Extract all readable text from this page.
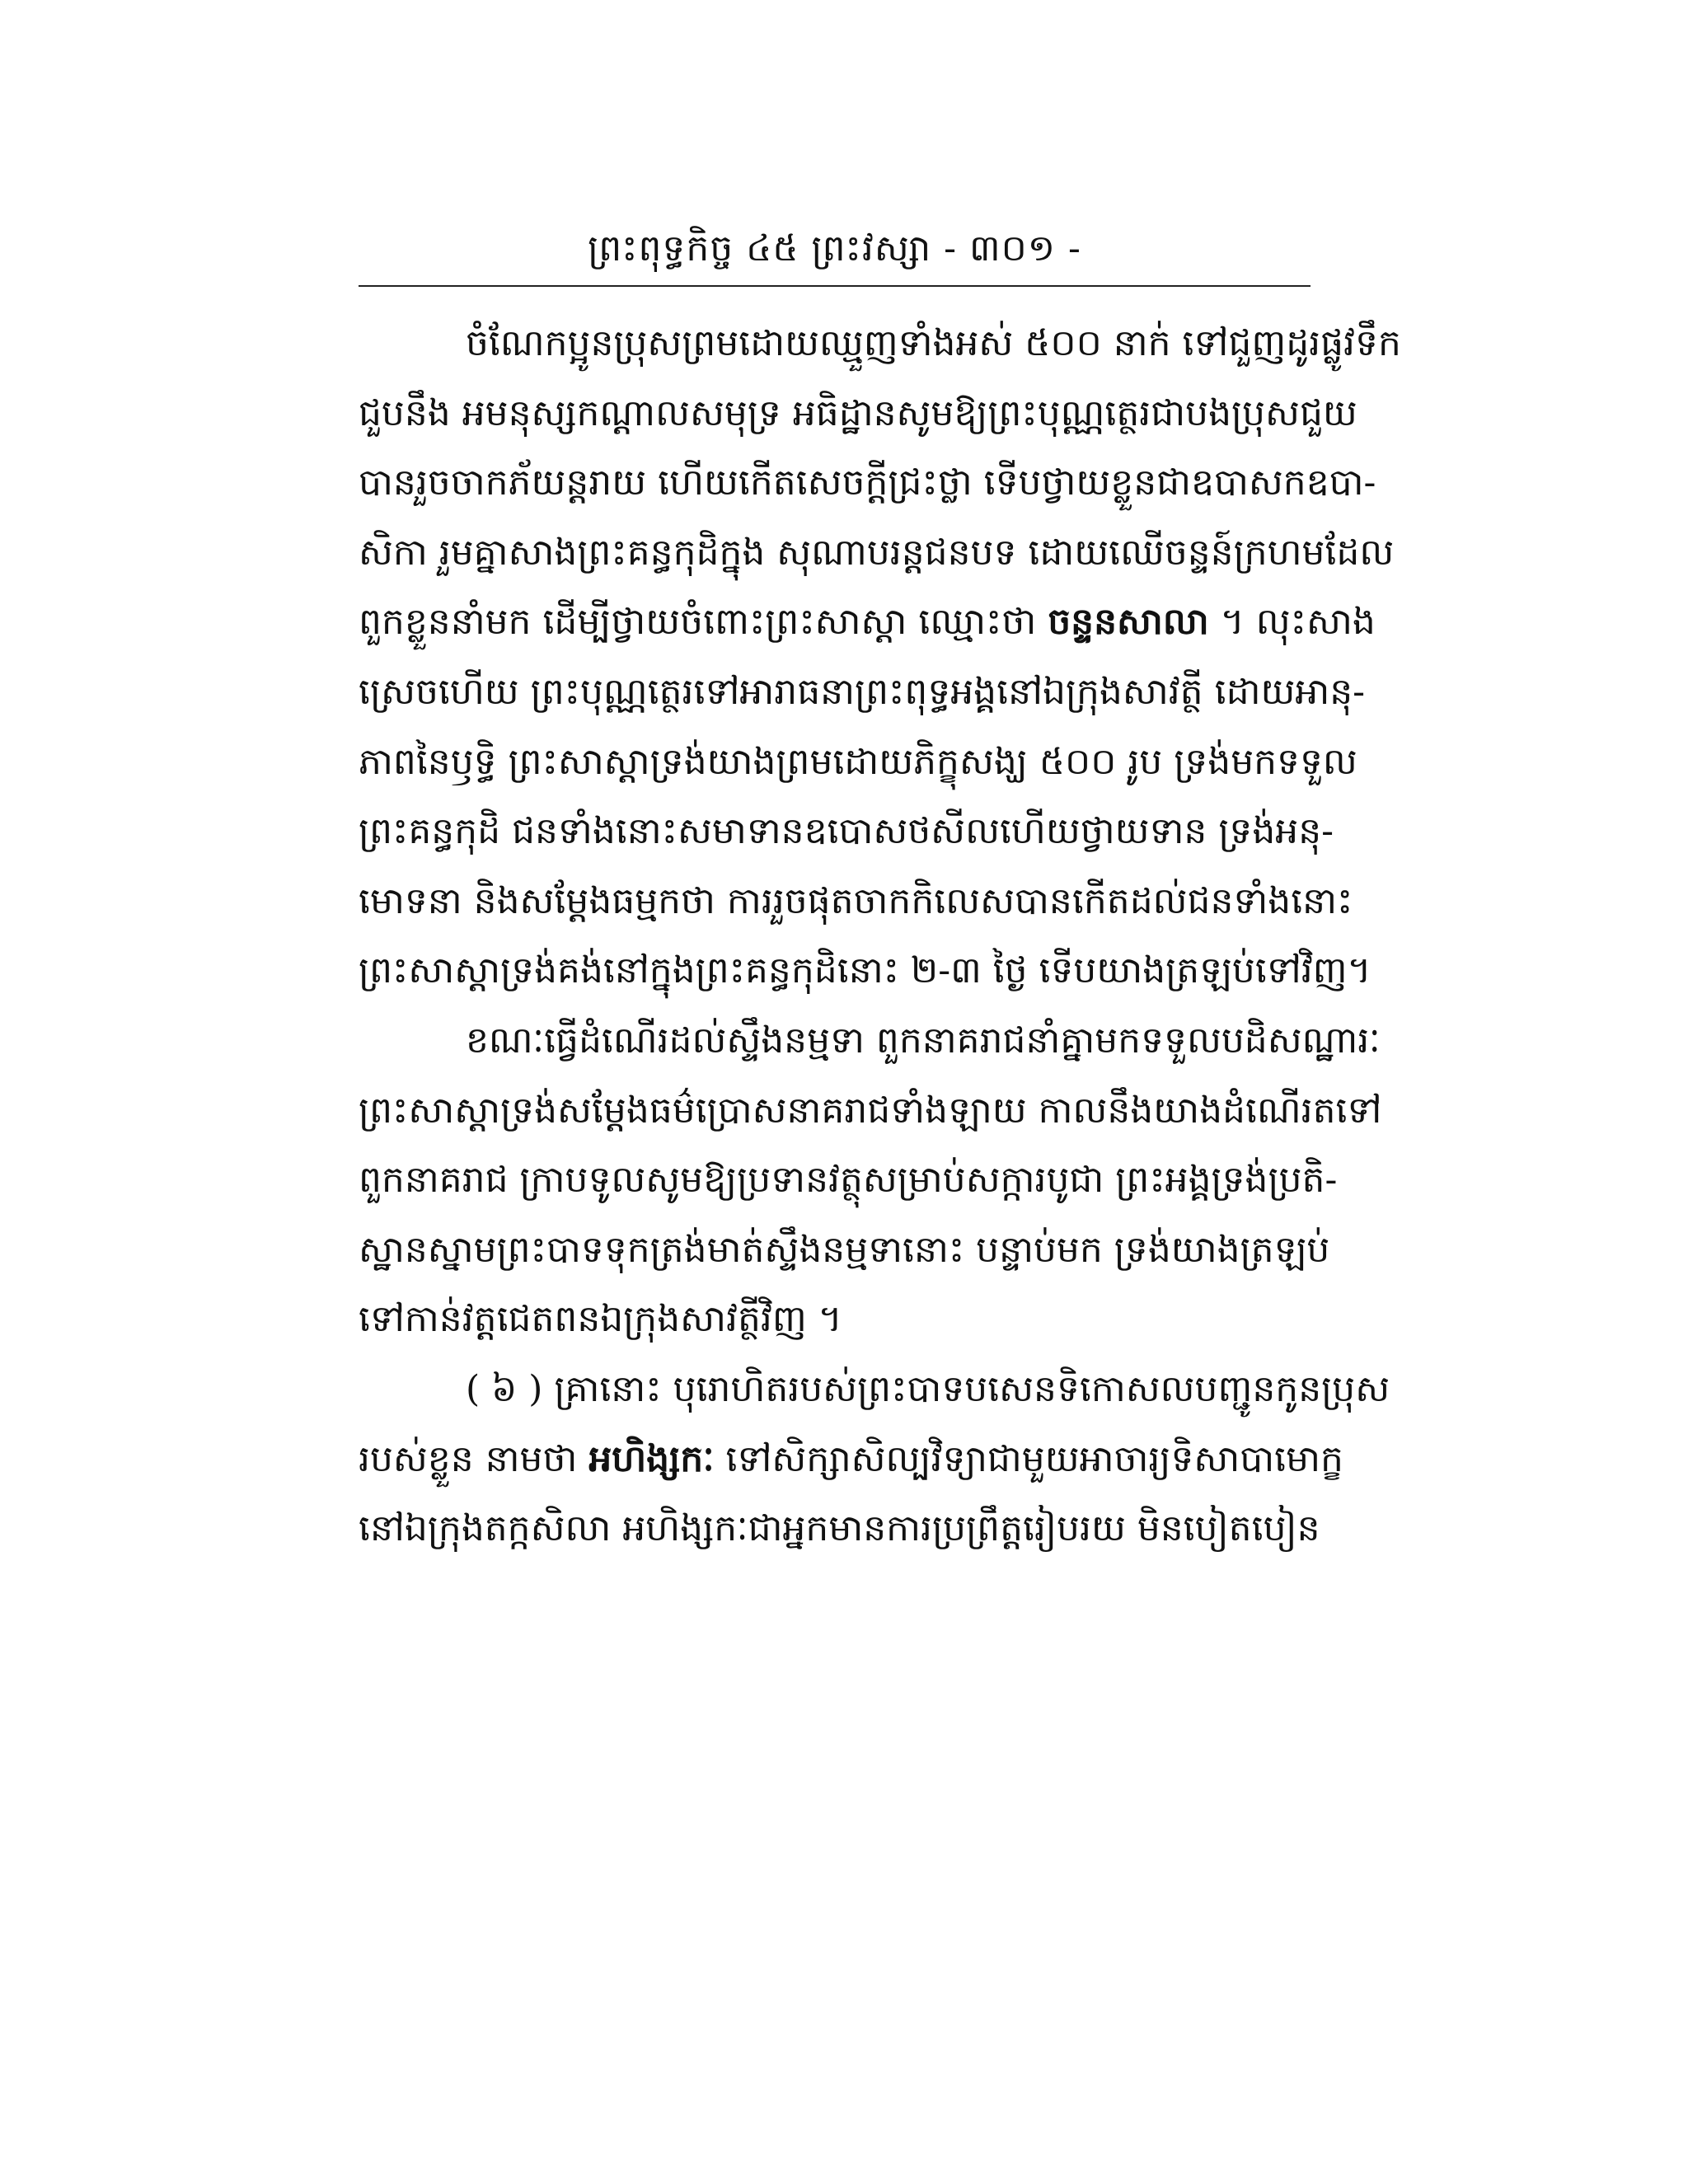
ព្រះពុទ្ធកិច្ច ៤៥ ព្រះវស្សា - ៣០១ -
ចំណែកប្អូនប្រុសព្រមដោយឈ្មួញទាំងអស់ ៥០០ នាក់ ទៅជួញដូរផ្លូវទឹក
ជួបនឹង អមនុស្សកណ្ដាលសមុទ្រ អធិដ្ឋានសូមឱ្យព្រះបុណ្ណត្ថេរជាបងប្រុសជួយ
បានរួចចាកភ័យន្តរាយ ហើយកើតសេចក្ដីជ្រះថ្លា ទើបថ្វាយខ្លួនជាឧបាសកឧបា-
សិកា រួមគ្នាសាងព្រះគន្ធកុដិក្នុង សុណាបរន្តជនបទ ដោយឈើចន្ទន៍ក្រហមដែល
ពួកខ្លួននាំមក ដើម្បីថ្វាយចំពោះព្រះសាស្ដា ឈ្មោះថា ចន្ទនសាលា ។ លុះសាង
ស្រេចហើយ ព្រះបុណ្ណត្ថេរទៅអារាធនាព្រះពុទ្ធអង្គនៅឯក្រុងសាវត្ថី ដោយអានុ-
ភាពនៃឫទ្ធិ ព្រះសាស្ដាទ្រង់យាងព្រមដោយភិក្ខុសង្ឃ ៥០០ រូប ទ្រង់មកទទួល
ព្រះគន្ធកុដិ ជនទាំងនោះសមាទានឧបោសថសីលហើយថ្វាយទាន ទ្រង់អនុ-
មោទនា និងសម្ដែងធម្មកថា ការរួចផុតចាកកិលេសបានកើតដល់ជនទាំងនោះ
ព្រះសាស្ដាទ្រង់គង់នៅក្នុងព្រះគន្ធកុដិនោះ ២-៣ ថ្ងៃ ទើបយាងត្រឡប់ទៅវិញ។
ខណៈធ្វើដំណើរដល់ស្ទឹងនម្មទា ពួកនាគរាជនាំគ្នាមកទទួលបដិសណ្ឋារៈ
ព្រះសាស្ដាទ្រង់សម្ដែងធម៌ប្រោសនាគរាជទាំងឡាយ កាលនឹងយាងដំណើរតទៅ
ពួកនាគរាជ ក្រាបទូលសូមឱ្យប្រទានវត្ថុសម្រាប់សក្ការបូជា ព្រះអង្គទ្រង់ប្រតិ-
ស្ឋានស្នាមព្រះបាទទុកត្រង់មាត់ស្ទឹងនម្មទានោះ បន្ទាប់មក ទ្រង់យាងត្រឡប់
ទៅកាន់វត្តជេតពនឯក្រុងសាវត្ថីវិញ ។
( ៦ ) គ្រានោះ បុរោហិតរបស់ព្រះបាទបសេនទិកោសលបញ្ជូនកូនប្រុស
របស់ខ្លួន នាមថា អហិង្សកៈ ទៅសិក្សាសិល្បវិទ្យាជាមួយអាចារ្យទិសាបាមោក្ខ
នៅឯក្រុងតក្កសិលា អហិង្សកៈជាអ្នកមានការប្រព្រឹត្តរៀបរយ មិនបៀតបៀន
